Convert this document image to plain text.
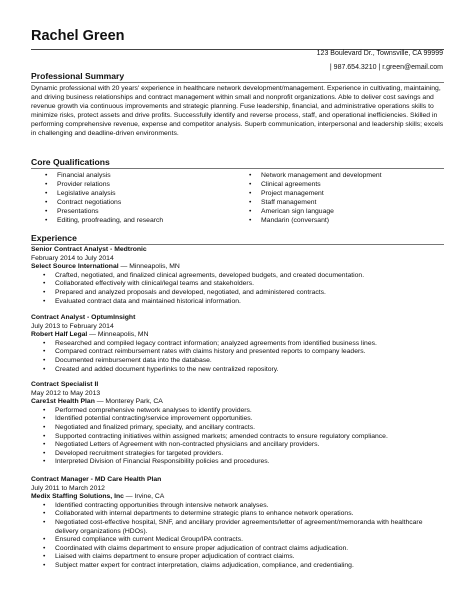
Rachel Green
123 Boulevard Dr., Townsville, CA 99999
| 987.654.3210 | r.green@email.com
Professional Summary
Dynamic professional with 20 years' experience in healthcare network development/management. Experience in cultivating, maintaining, and driving business relationships and contract management within small and nonprofit organizations. Able to deliver cost savings and revenue growth via continuous improvements and strategic planning. Fuse leadership, financial, and administrative operations skills to minimize risks, protect assets and drive profits. Successfully identify and reverse process, staff, and operational inefficiencies. Skilled in performing comprehensive revenue, expense and competitor analysis. Superb communication, interpersonal and leadership skills; excels in challenging and deadline-driven environments.
Core Qualifications
• Financial analysis
• Provider relations
• Legislative analysis
• Contract negotiations
• Presentations
• Editing, proofreading, and research
• Network management and development
• Clinical agreements
• Project management
• Staff management
• American sign language
• Mandarin (conversant)
Experience
Senior Contract Analyst - Medtronic
February 2014 to July 2014
Select Source International — Minneapolis, MN
• Crafted, negotiated, and finalized clinical agreements, developed budgets, and created documentation.
• Collaborated effectively with clinical/legal teams and stakeholders.
• Prepared and analyzed proposals and developed, negotiated, and administered contracts.
• Evaluated contract data and maintained historical information.
Contract Analyst - OptumInsight
July 2013 to February 2014
Robert Half Legal — Minneapolis, MN
• Researched and compiled legacy contract information; analyzed agreements from identified business lines.
• Compared contract reimbursement rates with claims history and presented reports to company leaders.
• Documented reimbursement data into the database.
• Created and added document hyperlinks to the new centralized repository.
Contract Specialist II
May 2012 to May 2013
Care1st Health Plan — Monterey Park, CA
• Performed comprehensive network analyses to identify providers.
• Identified potential contracting/service improvement opportunities.
• Negotiated and finalized primary, specialty, and ancillary contracts.
• Supported contracting initiatives within assigned markets; amended contracts to ensure regulatory compliance.
• Negotiated Letters of Agreement with non-contracted physicians and ancillary providers.
• Developed recruitment strategies for targeted providers.
• Interpreted Division of Financial Responsibility policies and procedures.
Contract Manager - MD Care Health Plan
July 2011 to March 2012
Medix Staffing Solutions, Inc — Irvine, CA
• Identified contracting opportunities through intensive network analyses.
• Collaborated with internal departments to determine strategic plans to enhance network operations.
• Negotiated cost-effective hospital, SNF, and ancillary provider agreements/letter of agreement/memoranda with healthcare delivery organizations (HDOs).
• Ensured compliance with current Medical Group/IPA contracts.
• Coordinated with claims department to ensure proper adjudication of contract claims adjudication.
• Liaised with claims department to ensure proper adjudication of contract claims.
• Subject matter expert for contract interpretation, claims adjudication, compliance, and credentialing.
